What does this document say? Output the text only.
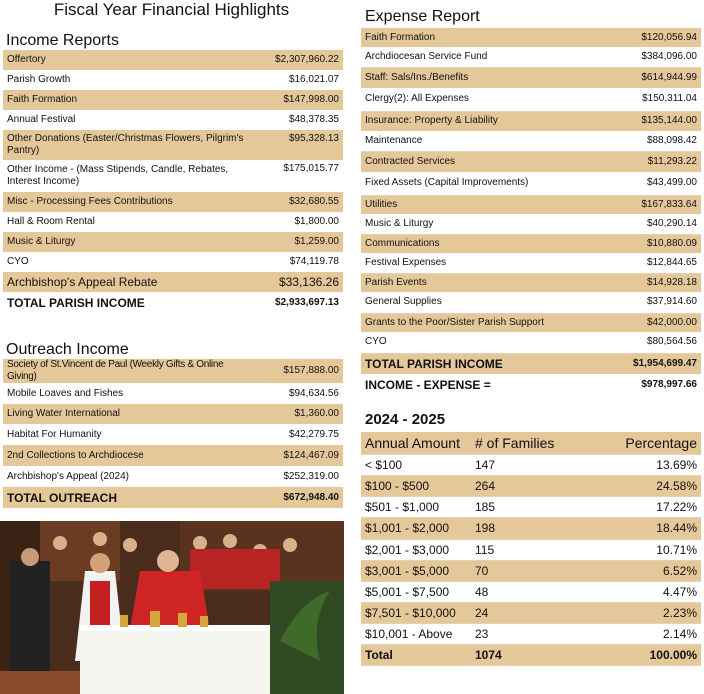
Fiscal Year Financial Highlights
Income Reports
Offertory	$2,307,960.22
Parish Growth	$16,021.07
Faith Formation	$147,998.00
Annual Festival	$48,378.35
Other Donations (Easter/Christmas Flowers, Pilgrim's Pantry)	$95,328.13
Other Income - (Mass Stipends, Candle, Rebates, Interest Income)	$175,015.77
Misc - Processing Fees Contributions	$32,680.55
Hall & Room Rental	$1,800.00
Music & Liturgy	$1,259.00
CYO	$74,119.78
Archbishop's Appeal Rebate	$33,136.26
TOTAL PARISH INCOME	$2,933,697.13
Outreach Income
Society of St.Vincent de Paul (Weekly Gifts & Online Giving)	$157,888.00
Mobile Loaves and Fishes	$94,634.56
Living Water International	$1,360.00
Habitat For Humanity	$42,279.75
2nd Collections to Archdiocese	$124,467.09
Archbishop's Appeal (2024)	$252,319.00
TOTAL OUTREACH	$672,948.40
Expense Report
Faith Formation	$120,056.94
Archdiocesan Service Fund	$384,096.00
Staff: Sals/Ins./Benefits	$614,944.99
Clergy(2): All Expenses	$150,311.04
Insurance: Property & Liability	$135,144.00
Maintenance	$88,098.42
Contracted Services	$11,293.22
Fixed Assets (Capital Improvements)	$43,499.00
Utilities	$167,833.64
Music & Liturgy	$40,290.14
Communications	$10,880.09
Festival Expenses	$12,844.65
Parish Events	$14,928.18
General Supplies	$37,914.60
Grants to the Poor/Sister Parish Support	$42,000.00
CYO	$80,564.56
TOTAL PARISH INCOME	$1,954,699.47
INCOME - EXPENSE =	$978,997.66
2024 - 2025
Annual Amount	# of Families	Percentage
< $100	147	13.69%
$100 - $500	264	24.58%
$501 - $1,000	185	17.22%
$1,001 - $2,000	198	18.44%
$2,001 - $3,000	115	10.71%
$3,001 - $5,000	70	6.52%
$5,001 - $7,500	48	4.47%
$7,501 - $10,000	24	2.23%
$10,001 - Above	23	2.14%
Total	1074	100.00%
